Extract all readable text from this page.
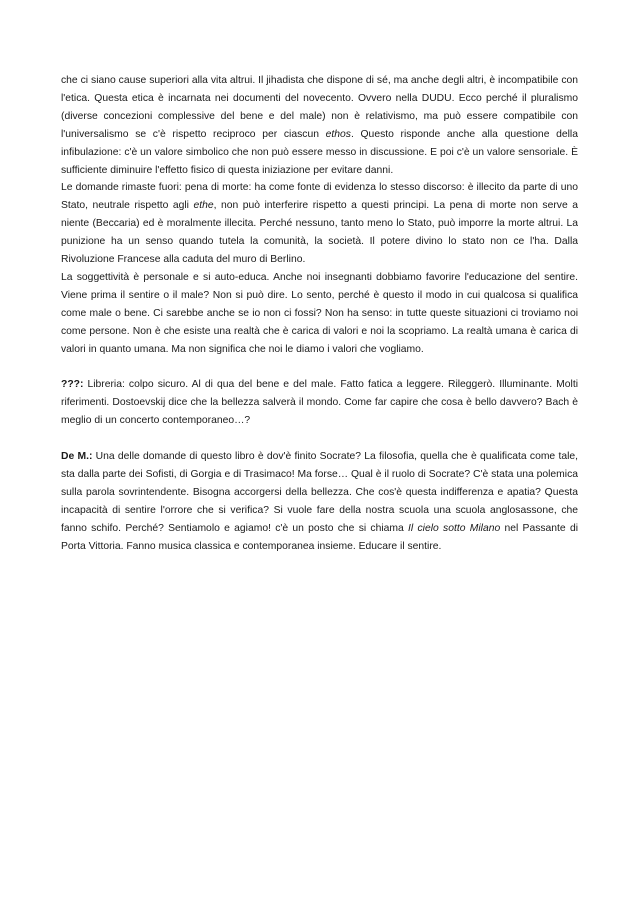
che ci siano cause superiori alla vita altrui. Il jihadista che dispone di sé, ma anche degli altri, è incompatibile con l'etica. Questa etica è incarnata nei documenti del novecento. Ovvero nella DUDU. Ecco perché il pluralismo (diverse concezioni complessive del bene e del male) non è relativismo, ma può essere compatibile con l'universalismo se c'è rispetto reciproco per ciascun ethos. Questo risponde anche alla questione della infibulazione: c'è un valore simbolico che non può essere messo in discussione. E poi c'è un valore sensoriale. È sufficiente diminuire l'effetto fisico di questa iniziazione per evitare danni.

Le domande rimaste fuori: pena di morte: ha come fonte di evidenza lo stesso discorso: è illecito da parte di uno Stato, neutrale rispetto agli ethe, non può interferire rispetto a questi principi. La pena di morte non serve a niente (Beccaria) ed è moralmente illecita. Perché nessuno, tanto meno lo Stato, può imporre la morte altrui. La punizione ha un senso quando tutela la comunità, la società. Il potere divino lo stato non ce l'ha. Dalla Rivoluzione Francese alla caduta del muro di Berlino.

La soggettività è personale e si auto-educa. Anche noi insegnanti dobbiamo favorire l'educazione del sentire. Viene prima il sentire o il male? Non si può dire. Lo sento, perché è questo il modo in cui qualcosa si qualifica come male o bene. Ci sarebbe anche se io non ci fossi? Non ha senso: in tutte queste situazioni ci troviamo noi come persone. Non è che esiste una realtà che è carica di valori e noi la scopriamo. La realtà umana è carica di valori in quanto umana. Ma non significa che noi le diamo i valori che vogliamo.

???: Libreria: colpo sicuro. Al di qua del bene e del male. Fatto fatica a leggere. Rileggerò. Illuminante. Molti riferimenti. Dostoevskij dice che la bellezza salverà il mondo. Come far capire che cosa è bello davvero? Bach è meglio di un concerto contemporaneo…?

De M.: Una delle domande di questo libro è dov'è finito Socrate? La filosofia, quella che è qualificata come tale, sta dalla parte dei Sofisti, di Gorgia e di Trasimaco! Ma forse… Qual è il ruolo di Socrate? C'è stata una polemica sulla parola sovrintendente. Bisogna accorgersi della bellezza. Che cos'è questa indifferenza e apatia? Questa incapacità di sentire l'orrore che si verifica? Si vuole fare della nostra scuola una scuola anglosassone, che fanno schifo. Perché? Sentiamolo e agiamo! c'è un posto che si chiama Il cielo sotto Milano nel Passante di Porta Vittoria. Fanno musica classica e contemporanea insieme. Educare il sentire.
